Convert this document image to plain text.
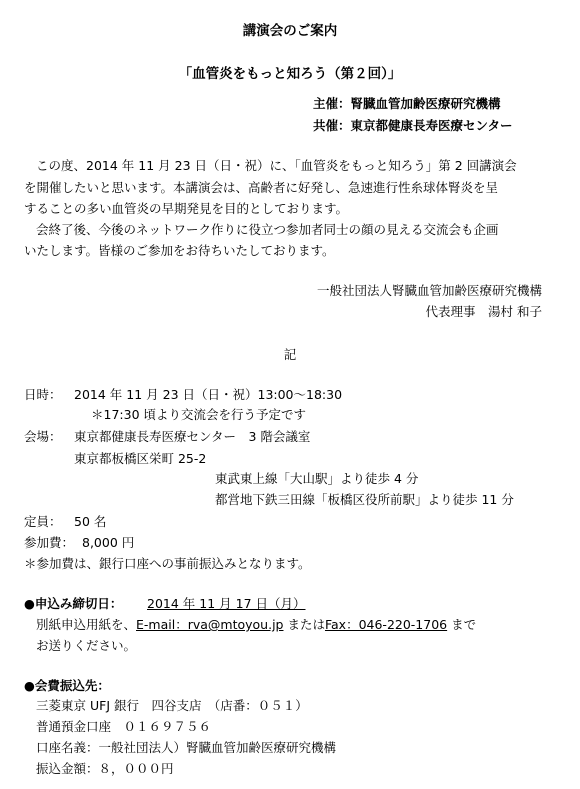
講演会のご案内
「血管炎をもっと知ろう（第２回）」
主催：腎臓血管加齢医療研究機構
共催：東京都健康長寿医療センター
この度、2014 年 11 月 23 日（日・祝）に、「血管炎をもっと知ろう」第 2 回講演会
を開催したいと思います。本講演会は、高齢者に好発し、急速進行性糸球体腎炎を呈
することの多い血管炎の早期発見を目的としております。
会終了後、今後のネットワーク作りに役立つ参加者同士の顔の見える交流会も企画
いたします。皆様のご参加をお待ちいたしております。
一般社団法人腎臓血管加齢医療研究機構
代表理事　湯村 和子
記
日時： 2014 年 11 月 23 日（日・祝）13:00〜18:30
＊17:30 頃より交流会を行う予定です
会場： 東京都健康長寿医療センター　3 階会議室
東京都板橋区栄町 25-2
東武東上線「大山駅」より徒歩 4 分
都営地下鉄三田線「板橋区役所前駅」より徒歩 11 分
定員： 50 名
参加費： 8,000 円
＊参加費は、銀行口座への事前振込みとなります。
●申込み締切日： 2014 年 11 月 17 日（月）
別紙申込用紙を、E-mail：rva@mtoyou.jp またはFax：046-220-1706 まで
お送りください。
●会費振込先：
三菱東京 UFJ 銀行　四谷支店　（店番：０５１）
普通預金口座　０１６９７５６
口座名義：一般社団法人）腎臓血管加齢医療研究機構
振込金額：８，０００円
